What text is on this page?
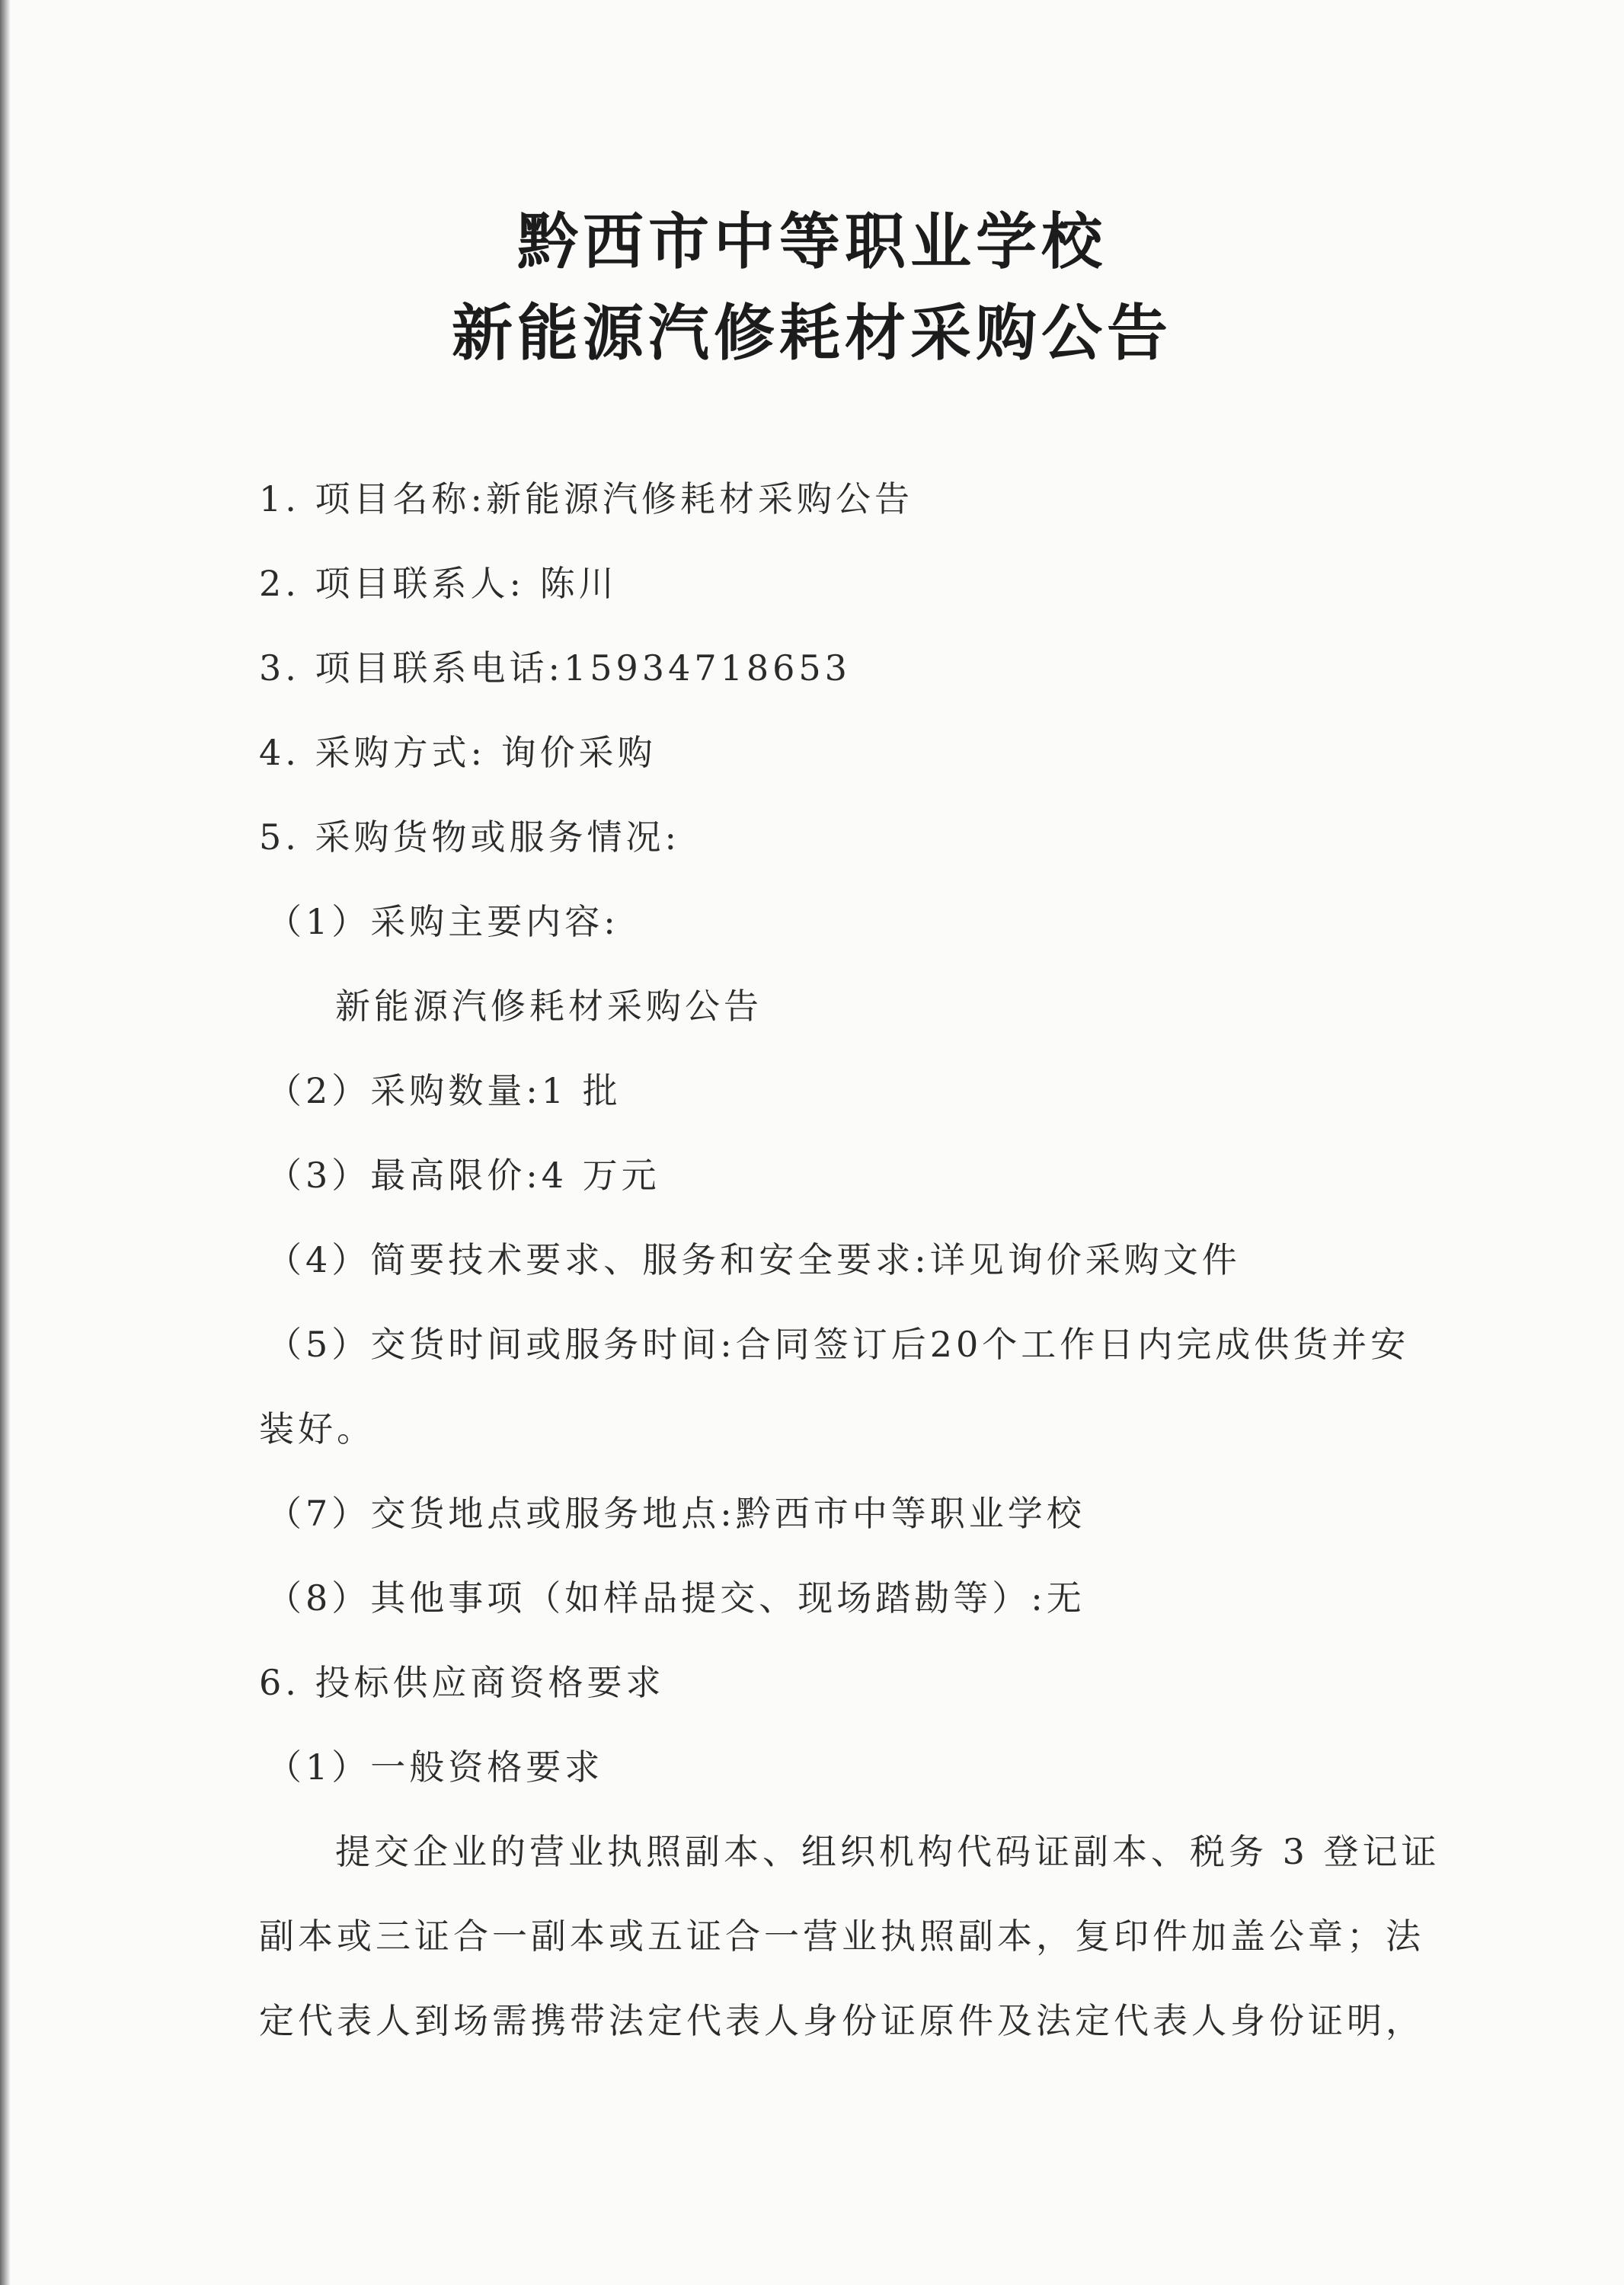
黔西市中等职业学校
新能源汽修耗材采购公告
1. 项目名称:新能源汽修耗材采购公告
2. 项目联系人: 陈川
3. 项目联系电话:15934718653
4. 采购方式: 询价采购
5. 采购货物或服务情况:
（1）采购主要内容:
新能源汽修耗材采购公告
（2）采购数量:1 批
（3）最高限价:4 万元
（4）简要技术要求、服务和安全要求:详见询价采购文件
（5）交货时间或服务时间:合同签订后20个工作日内完成供货并安
装好。
（7）交货地点或服务地点:黔西市中等职业学校
（8）其他事项（如样品提交、现场踏勘等）:无
6. 投标供应商资格要求
（1）一般资格要求
提交企业的营业执照副本、组织机构代码证副本、税务 3 登记证
副本或三证合一副本或五证合一营业执照副本，复印件加盖公章；法
定代表人到场需携带法定代表人身份证原件及法定代表人身份证明，
